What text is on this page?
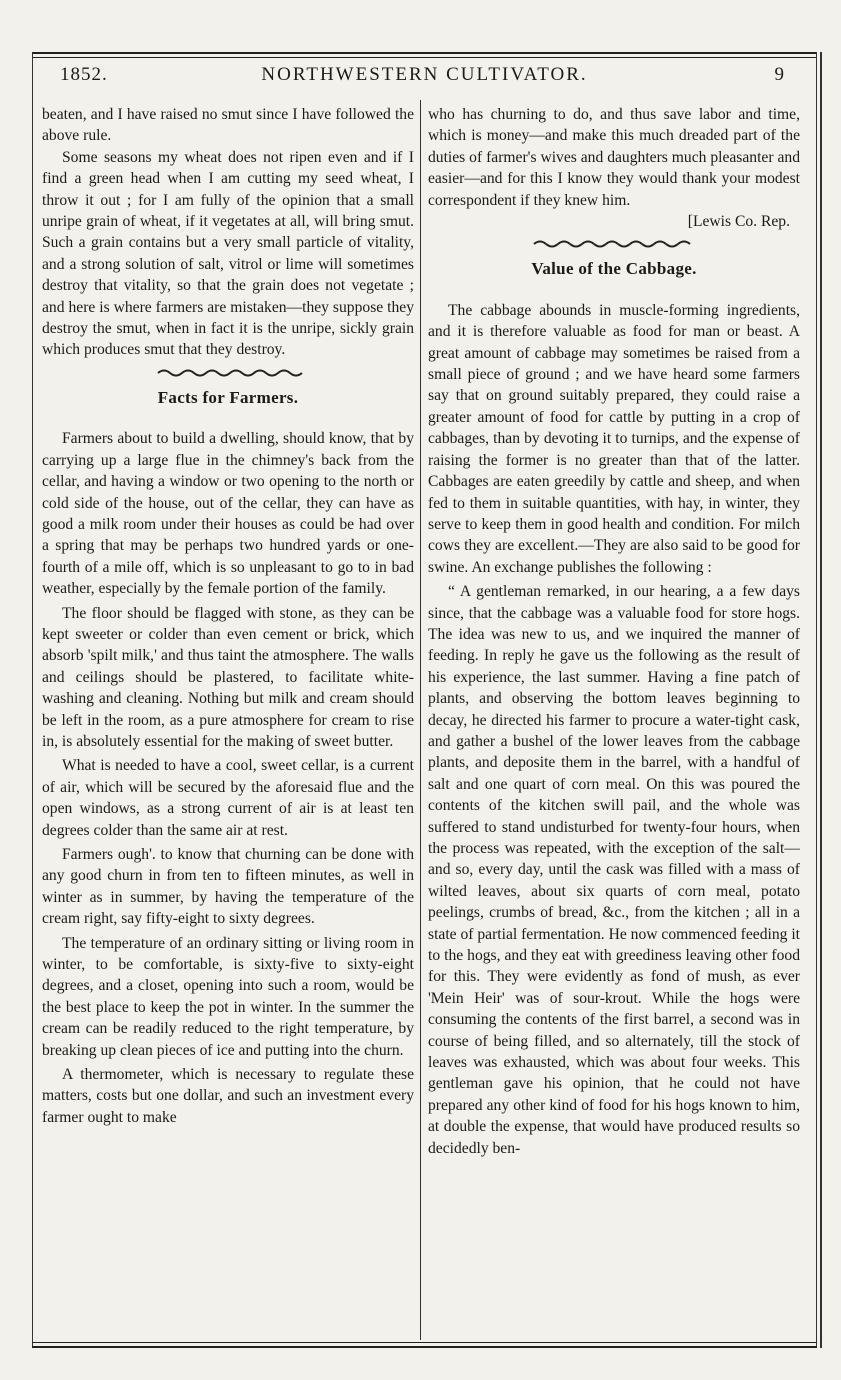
1852.	NORTHWESTERN CULTIVATOR.	9

beaten, and I have raised no smut since I have followed the above rule.

Some seasons my wheat does not ripen even and if I find a green head when I am cutting my seed wheat, I throw it out ; for I am fully of the opinion that a small unripe grain of wheat, if it vegetates at all, will bring smut. Such a grain contains but a very small particle of vitality, and a strong solution of salt, vitrol or lime will sometimes destroy that vitality, so that the grain does not vegetate ; and here is where farmers are mistaken—they suppose they destroy the smut, when in fact it is the unripe, sickly grain which produces smut that they destroy.

Facts for Farmers.

Farmers about to build a dwelling, should know, that by carrying up a large flue in the chimney's back from the cellar, and having a window or two opening to the north or cold side of the house, out of the cellar, they can have as good a milk room under their houses as could be had over a spring that may be perhaps two hundred yards or one-fourth of a mile off, which is so unpleasant to go to in bad weather, especially by the female portion of the family.

The floor should be flagged with stone, as they can be kept sweeter or colder than even cement or brick, which absorb 'spilt milk,' and thus taint the atmosphere. The walls and ceilings should be plastered, to facilitate white-washing and cleaning. Nothing but milk and cream should be left in the room, as a pure atmosphere for cream to rise in, is absolutely essential for the making of sweet butter.

What is needed to have a cool, sweet cellar, is a current of air, which will be secured by the aforesaid flue and the open windows, as a strong current of air is at least ten degrees colder than the same air at rest.

Farmers ough'. to know that churning can be done with any good churn in from ten to fifteen minutes, as well in winter as in summer, by having the temperature of the cream right, say fifty-eight to sixty degrees.

The temperature of an ordinary sitting or living room in winter, to be comfortable, is sixty-five to sixty-eight degrees, and a closet, opening into such a room, would be the best place to keep the pot in winter. In the summer the cream can be readily reduced to the right temperature, by breaking up clean pieces of ice and putting into the churn.

A thermometer, which is necessary to regulate these matters, costs but one dollar, and such an investment every farmer ought to make

who has churning to do, and thus save labor and time, which is money—and make this much dreaded part of the duties of farmer's wives and daughters much pleasanter and easier—and for this I know they would thank your modest correspondent if they knew him.

[Lewis Co. Rep.

Value of the Cabbage.

The cabbage abounds in muscle-forming ingredients, and it is therefore valuable as food for man or beast. A great amount of cabbage may sometimes be raised from a small piece of ground ; and we have heard some farmers say that on ground suitably prepared, they could raise a greater amount of food for cattle by putting in a crop of cabbages, than by devoting it to turnips, and the expense of raising the former is no greater than that of the latter. Cabbages are eaten greedily by cattle and sheep, and when fed to them in suitable quantities, with hay, in winter, they serve to keep them in good health and condition. For milch cows they are excellent.—They are also said to be good for swine. An exchange publishes the following :

“ A gentleman remarked, in our hearing, a a few days since, that the cabbage was a valuable food for store hogs. The idea was new to us, and we inquired the manner of feeding. In reply he gave us the following as the result of his experience, the last summer. Having a fine patch of plants, and observing the bottom leaves beginning to decay, he directed his farmer to procure a water-tight cask, and gather a bushel of the lower leaves from the cabbage plants, and deposite them in the barrel, with a handful of salt and one quart of corn meal. On this was poured the contents of the kitchen swill pail, and the whole was suffered to stand undisturbed for twenty-four hours, when the process was repeated, with the exception of the salt—and so, every day, until the cask was filled with a mass of wilted leaves, about six quarts of corn meal, potato peelings, crumbs of bread, &c., from the kitchen ; all in a state of partial fermentation. He now commenced feeding it to the hogs, and they eat with greediness leaving other food for this. They were evidently as fond of mush, as ever 'Mein Heir' was of sour-krout. While the hogs were consuming the contents of the first barrel, a second was in course of being filled, and so alternately, till the stock of leaves was exhausted, which was about four weeks. This gentleman gave his opinion, that he could not have prepared any other kind of food for his hogs known to him, at double the expense, that would have produced results so decidedly ben-
